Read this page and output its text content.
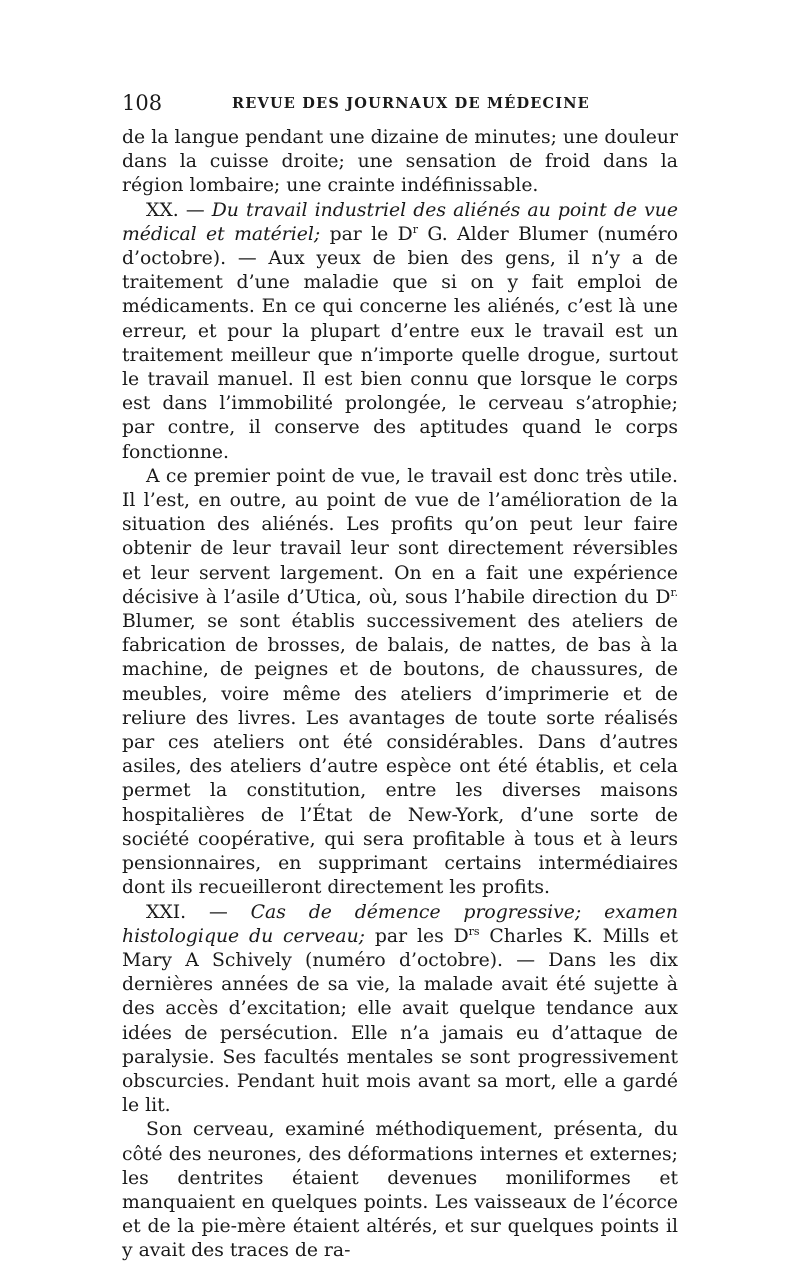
108	REVUE DES JOURNAUX DE MÉDECINE

de la langue pendant une dizaine de minutes; une douleur dans la cuisse droite; une sensation de froid dans la région lombaire; une crainte indéfinissable.

XX. — Du travail industriel des aliénés au point de vue médical et matériel; par le $D^r$ G. Alder Blumer (numéro d’octobre). — Aux yeux de bien des gens, il n’y a de traitement d’une maladie que si on y fait emploi de médicaments. En ce qui concerne les aliénés, c’est là une erreur, et pour la plupart d’entre eux le travail est un traitement meilleur que n’importe quelle drogue, surtout le travail manuel. Il est bien connu que lorsque le corps est dans l’immobilité prolongée, le cerveau s’atrophie; par contre, il conserve des aptitudes quand le corps fonctionne.

A ce premier point de vue, le travail est donc très utile. Il l’est, en outre, au point de vue de l’amélioration de la situation des aliénés. Les profits qu’on peut leur faire obtenir de leur travail leur sont directement réversibles et leur servent largement. On en a fait une expérience décisive à l’asile d’Utica, où, sous l’habile direction du $D^{r.}$ Blumer, se sont établis successivement des ateliers de fabrication de brosses, de balais, de nattes, de bas à la machine, de peignes et de boutons, de chaussures, de meubles, voire même des ateliers d’imprimerie et de reliure des livres. Les avantages de toute sorte réalisés par ces ateliers ont été considérables. Dans d’autres asiles, des ateliers d’autre espèce ont été établis, et cela permet la constitution, entre les diverses maisons hospitalières de l’État de New-York, d’une sorte de société coopérative, qui sera profitable à tous et à leurs pensionnaires, en supprimant certains intermédiaires dont ils recueilleront directement les profits.

XXI. — Cas de démence progressive; examen histologique du cerveau; par les $D^{rs}$ Charles K. Mills et Mary A Schively (numéro d’octobre). — Dans les dix dernières années de sa vie, la malade avait été sujette à des accès d’excitation; elle avait quelque tendance aux idées de persécution. Elle n’a jamais eu d’attaque de paralysie. Ses facultés mentales se sont progressivement obscurcies. Pendant huit mois avant sa mort, elle a gardé le lit.

Son cerveau, examiné méthodiquement, présenta, du côté des neurones, des déformations internes et externes; les dentrites étaient devenues moniliformes et manquaient en quelques points. Les vaisseaux de l’écorce et de la pie-mère étaient altérés, et sur quelques points il y avait des traces de ra-
